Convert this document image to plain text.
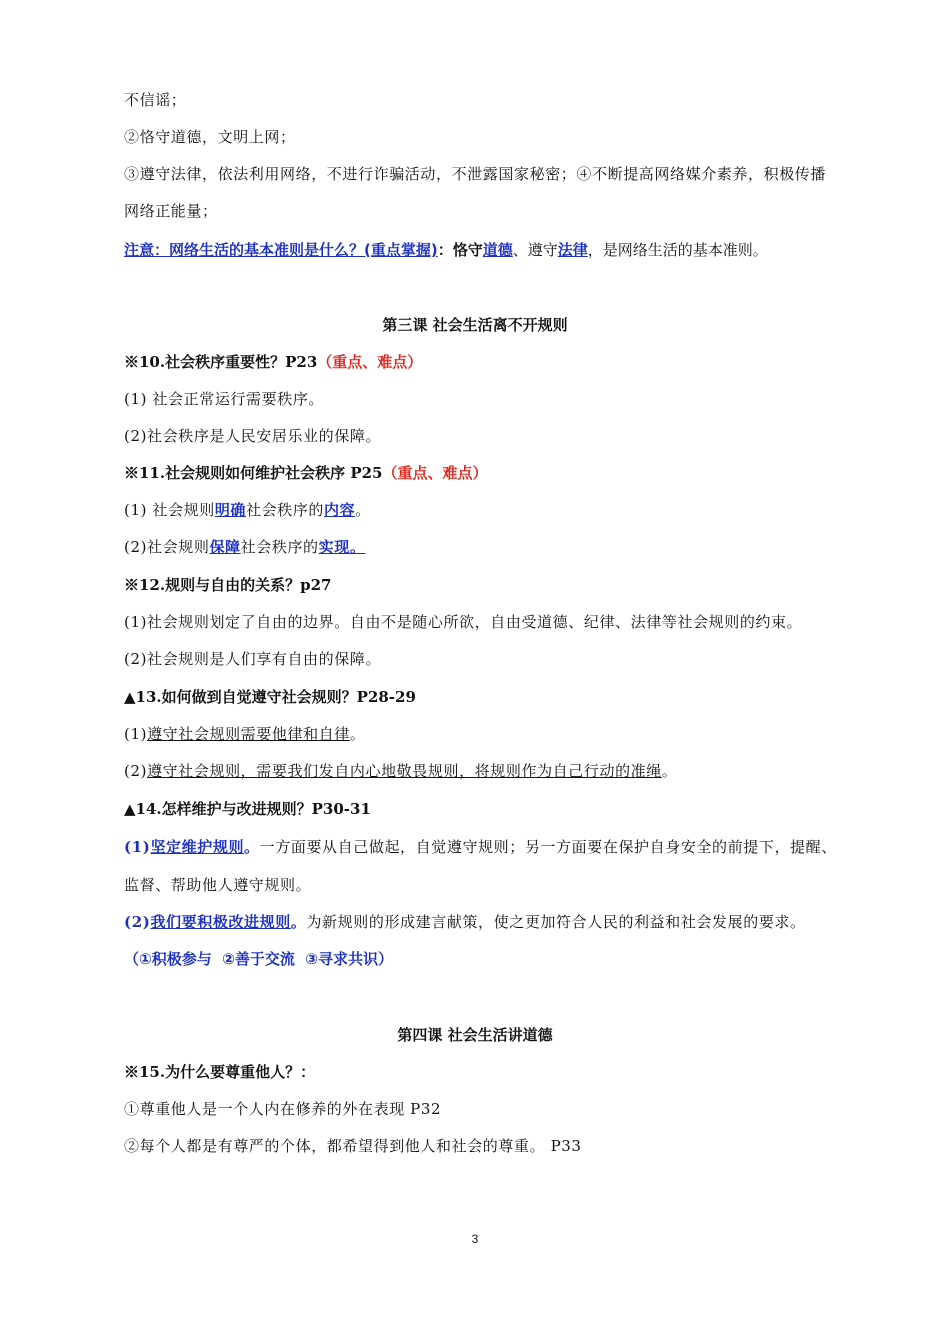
不信谣；
②恪守道德，文明上网；
③遵守法律，依法利用网络，不进行诈骗活动，不泄露国家秘密；④不断提高网络媒介素养，积极传播
网络正能量；
注意：网络生活的基本准则是什么？(重点掌握)：恪守道德、遵守法律，是网络生活的基本准则。
第三课 社会生活离不开规则
※10.社会秩序重要性？P23（重点、难点）
(1) 社会正常运行需要秩序。
(2)社会秩序是人民安居乐业的保障。
※11.社会规则如何维护社会秩序 P25（重点、难点）
(1) 社会规则明确社会秩序的内容。
(2)社会规则保障社会秩序的实现。
※12.规则与自由的关系？p27
(1)社会规则划定了自由的边界。自由不是随心所欲，自由受道德、纪律、法律等社会规则的约束。
(2)社会规则是人们享有自由的保障。
▲13.如何做到自觉遵守社会规则？P28-29
(1)遵守社会规则需要他律和自律。
(2)遵守社会规则，需要我们发自内心地敬畏规则，将规则作为自己行动的准绳。
▲14.怎样维护与改进规则？P30-31
(1)坚定维护规则。一方面要从自己做起，自觉遵守规则；另一方面要在保护自身安全的前提下，提醒、
监督、帮助他人遵守规则。
(2)我们要积极改进规则。为新规则的形成建言献策，使之更加符合人民的利益和社会发展的要求。
（①积极参与  ②善于交流  ③寻求共识）
第四课 社会生活讲道德
※15.为什么要尊重他人？：
①尊重他人是一个人内在修养的外在表现 P32
②每个人都是有尊严的个体，都希望得到他人和社会的尊重。 P33
3
